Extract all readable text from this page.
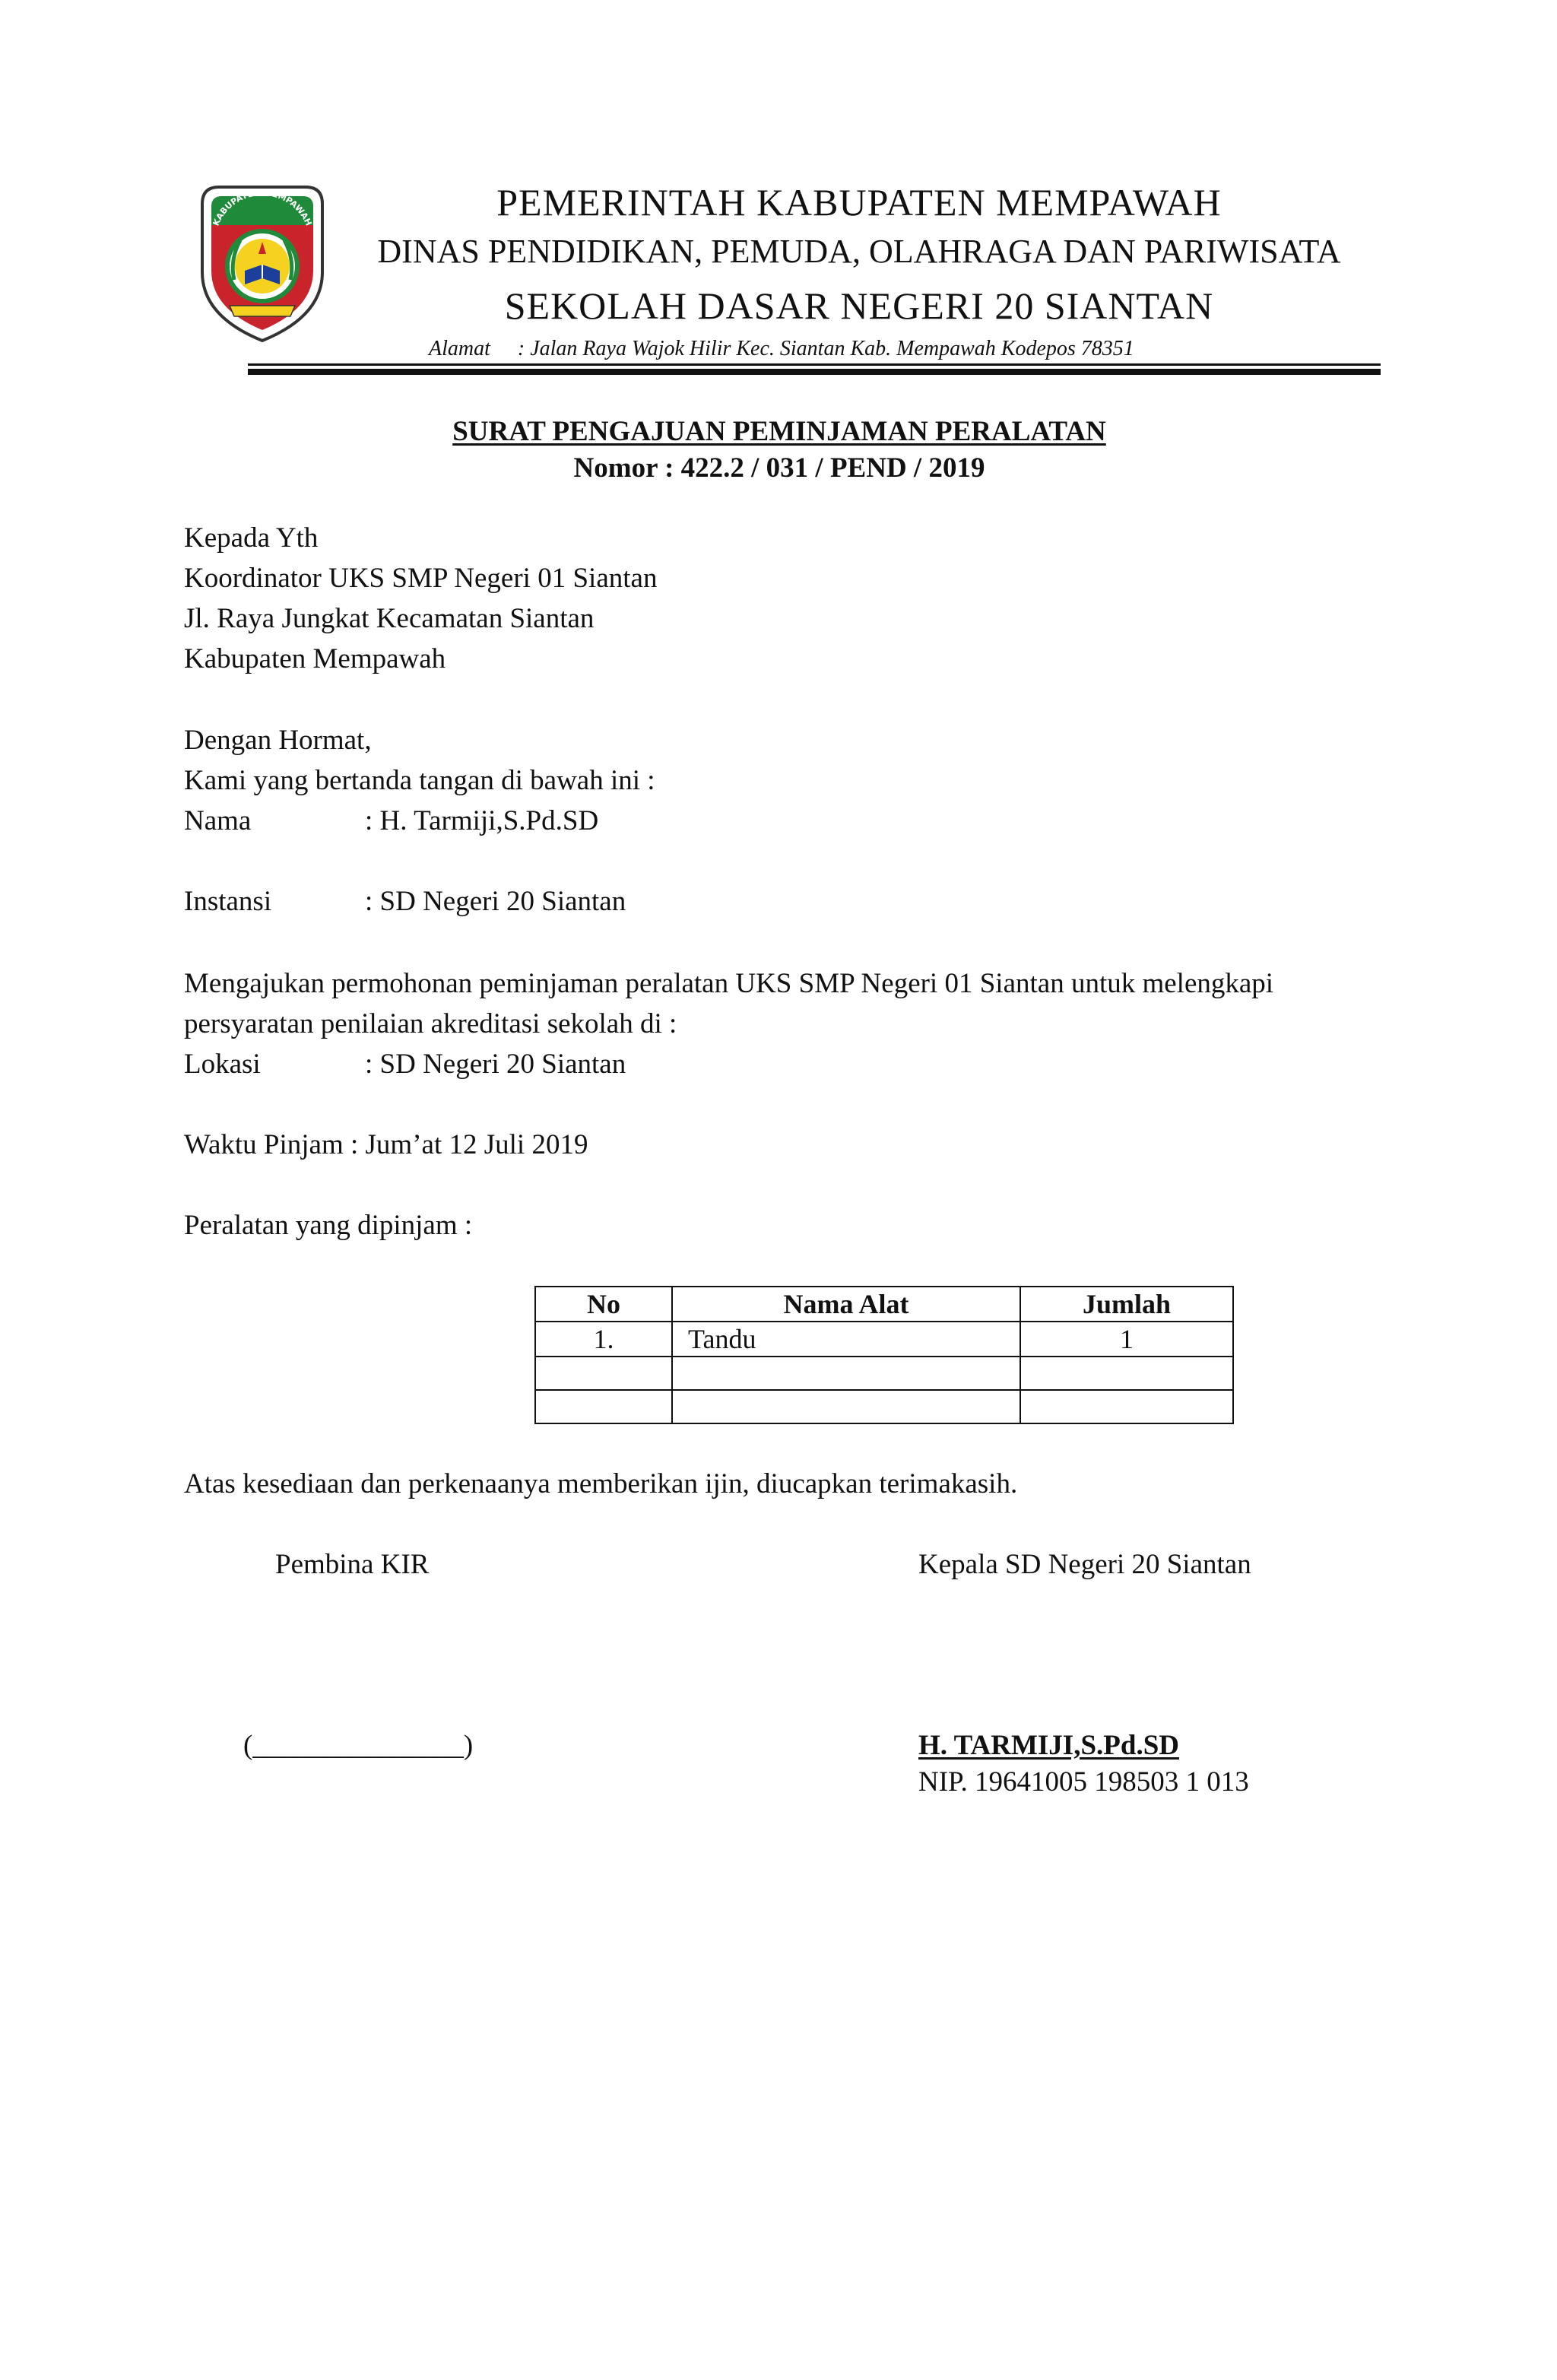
KABUPATEN MEMPAWAH	PEMERINTAH KABUPATEN MEMPAWAH
DINAS PENDIDIKAN, PEMUDA, OLAHRAGA DAN PARIWISATA
SEKOLAH DASAR NEGERI 20 SIANTAN
Alamat : Jalan Raya Wajok Hilir Kec. Siantan Kab. Mempawah Kodepos 78351
SURAT PENGAJUAN PEMINJAMAN PERALATAN
Nomor : 422.2 / 031 / PEND / 2019
Kepada Yth
Koordinator UKS SMP Negeri 01 Siantan
Jl. Raya Jungkat Kecamatan Siantan
Kabupaten Mempawah
Dengan Hormat,
Kami yang bertanda tangan di bawah ini :
Nama	: H. Tarmiji,S.Pd.SD
Instansi	: SD Negeri 20 Siantan
Mengajukan permohonan peminjaman peralatan UKS SMP Negeri 01 Siantan untuk melengkapi
persyaratan penilaian akreditasi sekolah di :
Lokasi	: SD Negeri 20 Siantan
Waktu Pinjam : Jum’at 12 Juli 2019
Peralatan yang dipinjam :
No	Nama Alat	Jumlah
1.	Tandu	1

Atas kesediaan dan perkenaanya memberikan ijin, diucapkan terimakasih.
Pembina KIR	Kepala SD Negeri 20 Siantan
(_______________)	H. TARMIJI,S.Pd.SD
NIP. 19641005 198503 1 013
